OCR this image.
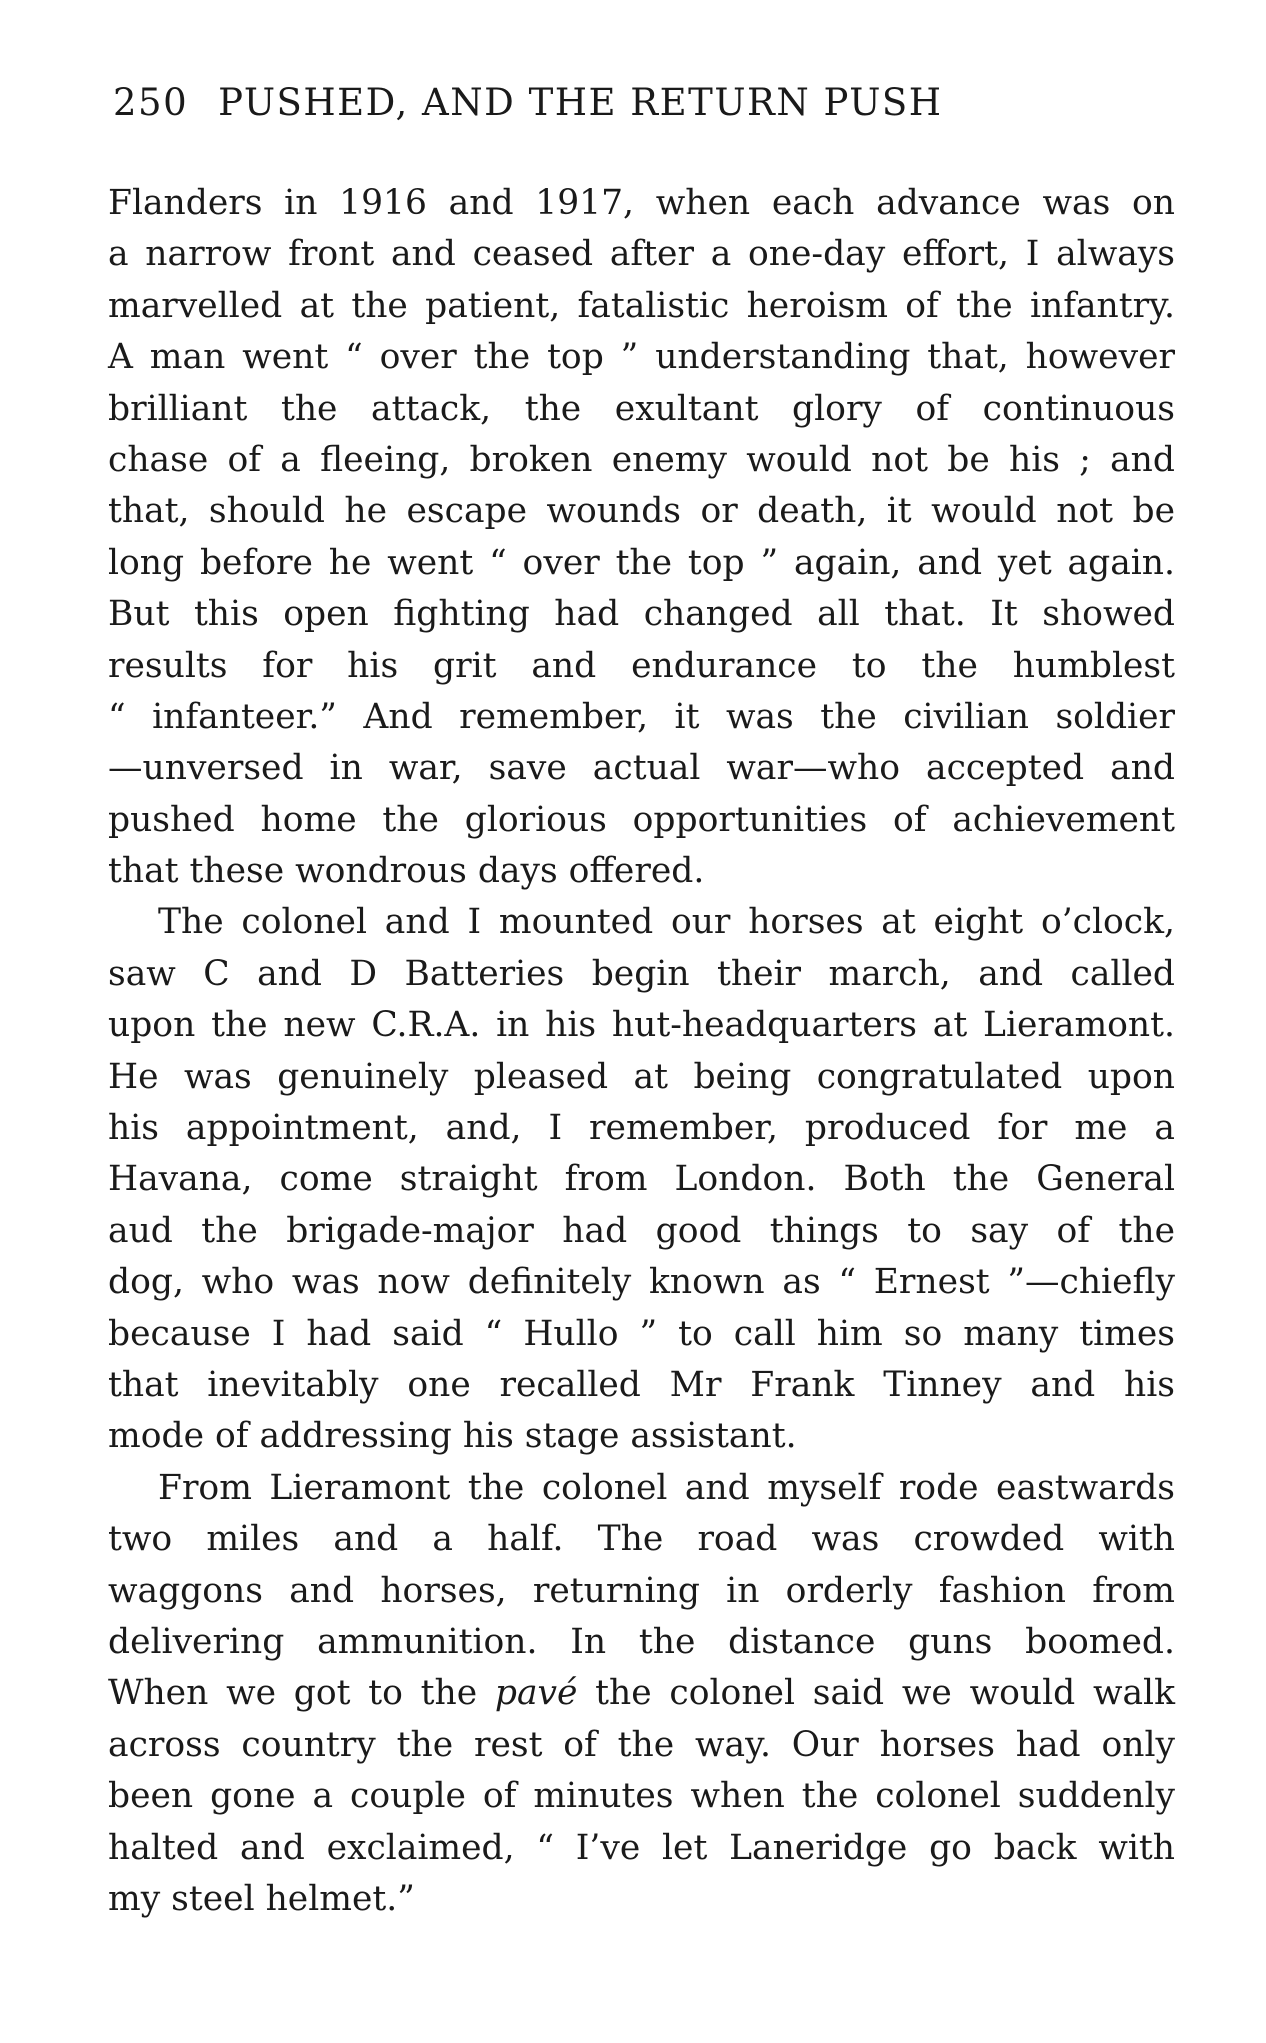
250 PUSHED, AND THE RETURN PUSH
Flanders in 1916 and 1917, when each advance was on
a narrow front and ceased after a one-day effort, I always
marvelled at the patient, fatalistic heroism of the infantry.
A man went “ over the top ” understanding that, however
brilliant the attack, the exultant glory of continuous
chase of a fleeing, broken enemy would not be his ; and
that, should he escape wounds or death, it would not be
long before he went “ over the top ” again, and yet again.
But this open fighting had changed all that. It showed
results for his grit and endurance to the humblest
“ infanteer.” And remember, it was the civilian soldier
—unversed in war, save actual war—who accepted and
pushed home the glorious opportunities of achievement
that these wondrous days offered.
The colonel and I mounted our horses at eight o’clock,
saw C and D Batteries begin their march, and called
upon the new C.R.A. in his hut-headquarters at Lieramont.
He was genuinely pleased at being congratulated upon
his appointment, and, I remember, produced for me a
Havana, come straight from London. Both the General
aud the brigade-major had good things to say of the
dog, who was now definitely known as “ Ernest ”—chiefly
because I had said “ Hullo ” to call him so many times
that inevitably one recalled Mr Frank Tinney and his
mode of addressing his stage assistant.
From Lieramont the colonel and myself rode eastwards
two miles and a half. The road was crowded with
waggons and horses, returning in orderly fashion from
delivering ammunition. In the distance guns boomed.
When we got to the pavé the colonel said we would walk
across country the rest of the way. Our horses had only
been gone a couple of minutes when the colonel suddenly
halted and exclaimed, “ I’ve let Laneridge go back with
my steel helmet.”
